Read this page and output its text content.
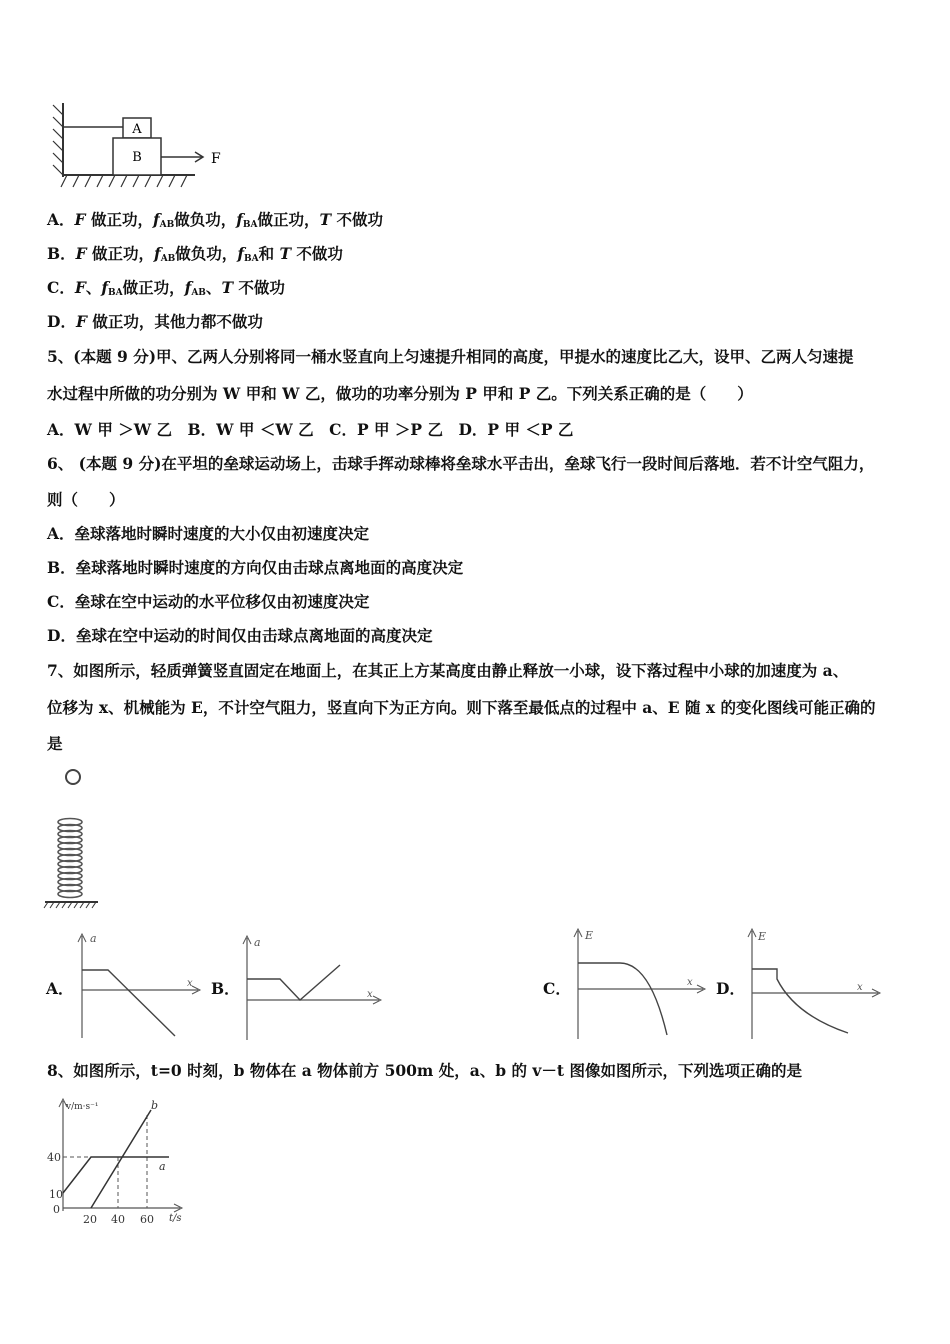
A
B	F
A．F 做正功，$f_{AB}$做负功，$f_{BA}$做正功，T 不做功
B．F 做正功，$f_{AB}$做负功，$f_{BA}$和 T 不做功
C．F、$f_{BA}$做正功，$f_{AB}$、T 不做功
D．F 做正功，其他力都不做功
5、(本题 9 分)甲、乙两人分别将同一桶水竖直向上匀速提升相同的高度，甲提水的速度比乙大，设甲、乙两人匀速提
水过程中所做的功分别为 W 甲和 W 乙，做功的功率分别为 P 甲和 P 乙。下列关系正确的是（　　）
A．W 甲 ＞W 乙　B．W 甲 ＜W 乙　C．P 甲 ＞P 乙　D．P 甲 ＜P 乙
6、 (本题 9 分)在平坦的垒球运动场上，击球手挥动球棒将垒球水平击出，垒球飞行一段时间后落地．若不计空气阻力，
则（　　）
A．垒球落地时瞬时速度的大小仅由初速度决定
B．垒球落地时瞬时速度的方向仅由击球点离地面的高度决定
C．垒球在空中运动的水平位移仅由初速度决定
D．垒球在空中运动的时间仅由击球点离地面的高度决定
7、如图所示，轻质弹簧竖直固定在地面上，在其正上方某高度由静止释放一小球，设下落过程中小球的加速度为 a、
位移为 x、机械能为 E，不计空气阻力，竖直向下为正方向。则下落至最低点的过程中 a、E 随 x 的变化图线可能正确的
是
A．	B．	C．	D．
a
x
a
x
E
x
E
x
8、如图所示，t=0 时刻，b 物体在 a 物体前方 500m 处，a、b 的 v－t 图像如图所示，下列选项正确的是
v/m·s⁻¹
t/s
40
10
0
20 40 60
a
b
